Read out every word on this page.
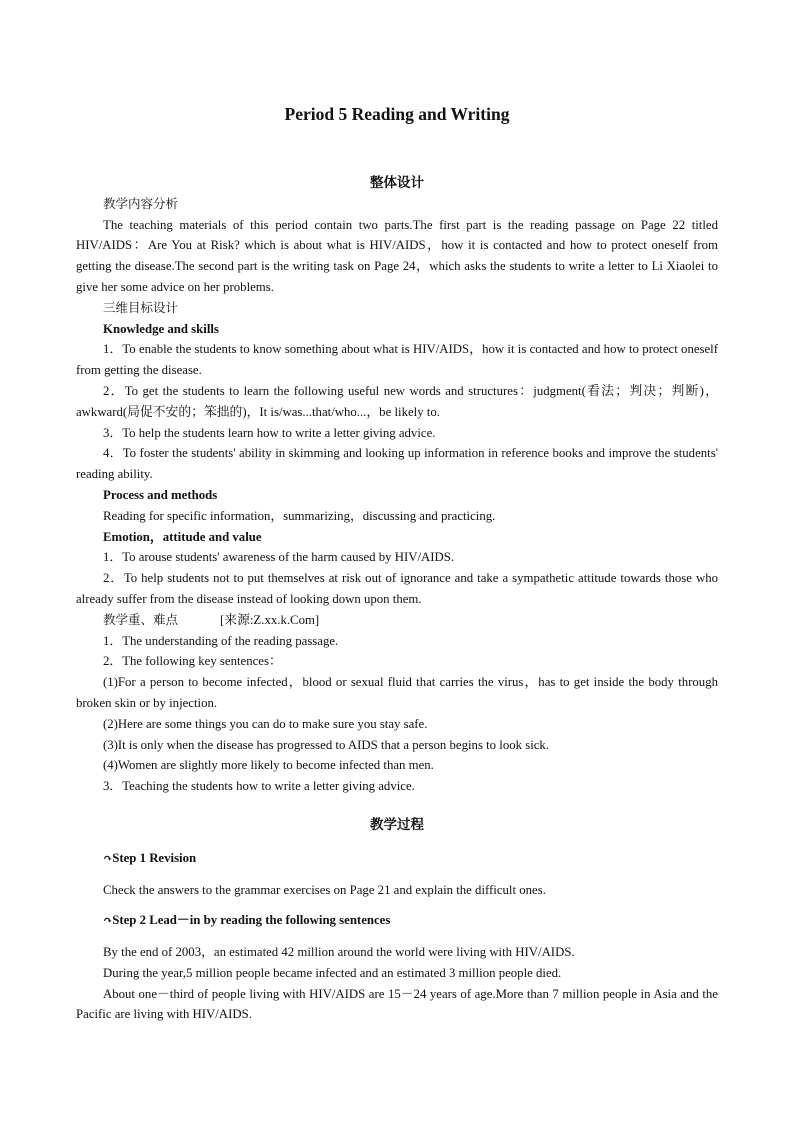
Period 5 Reading and Writing

整体设计

教学内容分析

The teaching materials of this period contain two parts.The first part is the reading passage on Page 22 titled HIV/AIDS：Are You at Risk? which is about what is HIV/AIDS，how it is contacted and how to protect oneself from getting the disease.The second part is the writing task on Page 24，which asks the students to write a letter to Li Xiaolei to give her some advice on her problems.

三维目标设计

Knowledge and skills

1．To enable the students to know something about what is HIV/AIDS，how it is contacted and how to protect oneself from getting the disease.

2．To get the students to learn the following useful new words and structures：judgment(看法；判决；判断)，awkward(局促不安的；笨拙的)，It is/was...that/who...，be likely to.

3．To help the students learn how to write a letter giving advice.

4．To foster the students' ability in skimming and looking up information in reference books and improve the students' reading ability.

Process and methods

Reading for specific information，summarizing，discussing and practicing.

Emotion，attitude and value

1．To arouse students' awareness of the harm caused by HIV/AIDS.

2．To help students not to put themselves at risk out of ignorance and take a sympathetic attitude towards those who already suffer from the disease instead of looking down upon them.

教学重、难点	[来源:Z.xx.k.Com]

1．The understanding of the reading passage.

2．The following key sentences：

(1)For a person to become infected，blood or sexual fluid that carries the virus，has to get inside the body through broken skin or by injection.

(2)Here are some things you can do to make sure you stay safe.

(3)It is only when the disease has progressed to AIDS that a person begins to look sick.

(4)Women are slightly more likely to become infected than men.

3．Teaching the students how to write a letter giving advice.

教学过程

↷Step 1 Revision

Check the answers to the grammar exercises on Page 21 and explain the difficult ones.

↷Step 2 Lead－in by reading the following sentences

By the end of 2003，an estimated 42 million around the world were living with HIV/AIDS.

During the year,5 million people became infected and an estimated 3 million people died.

About one－third of people living with HIV/AIDS are 15－24 years of age.More than 7 million people in Asia and the Pacific are living with HIV/AIDS.
